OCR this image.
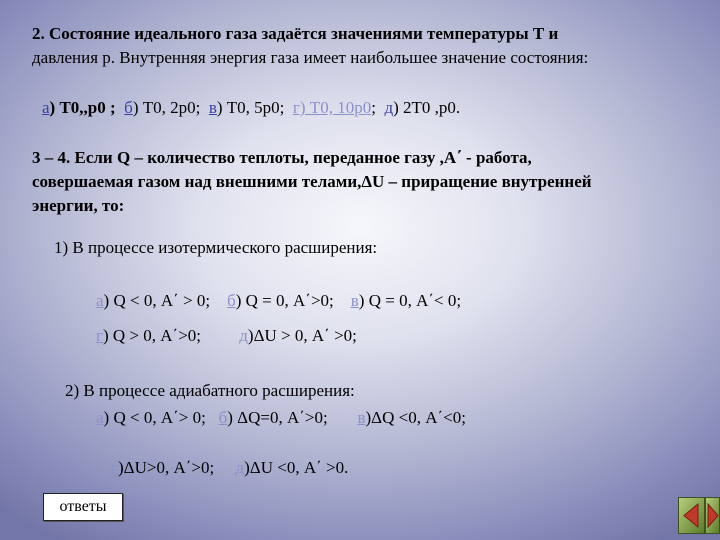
2. Состояние идеального газа задаётся значениями температуры Т и
давления р. Внутренняя энергия газа имеет наибольшее значение состояния:
а) Т0,,р0 ; б) Т0, 2р0; в) Т0, 5р0; г) Т0, 10р0; д) 2Т0 ,р0.
3 – 4. Если Q – количество теплоты, переданное газу ,А΄ - работа,
совершаемая газом над внешними телами,ΔU – приращение внутренней
энергии, то:
1) В процессе изотермического расширения:
а) Q < 0, А΄ > 0; б) Q = 0, А΄>0; в) Q = 0, А΄< 0;
г) Q > 0, А΄>0; д)ΔU > 0, А΄ >0;
2) В процессе адиабатного расширения:
а) Q < 0, А΄> 0; б) ΔQ=0, А΄>0; в)ΔQ <0, А΄<0;
г)ΔU>0, А΄>0; д)ΔU <0, А΄ >0.
ответы
